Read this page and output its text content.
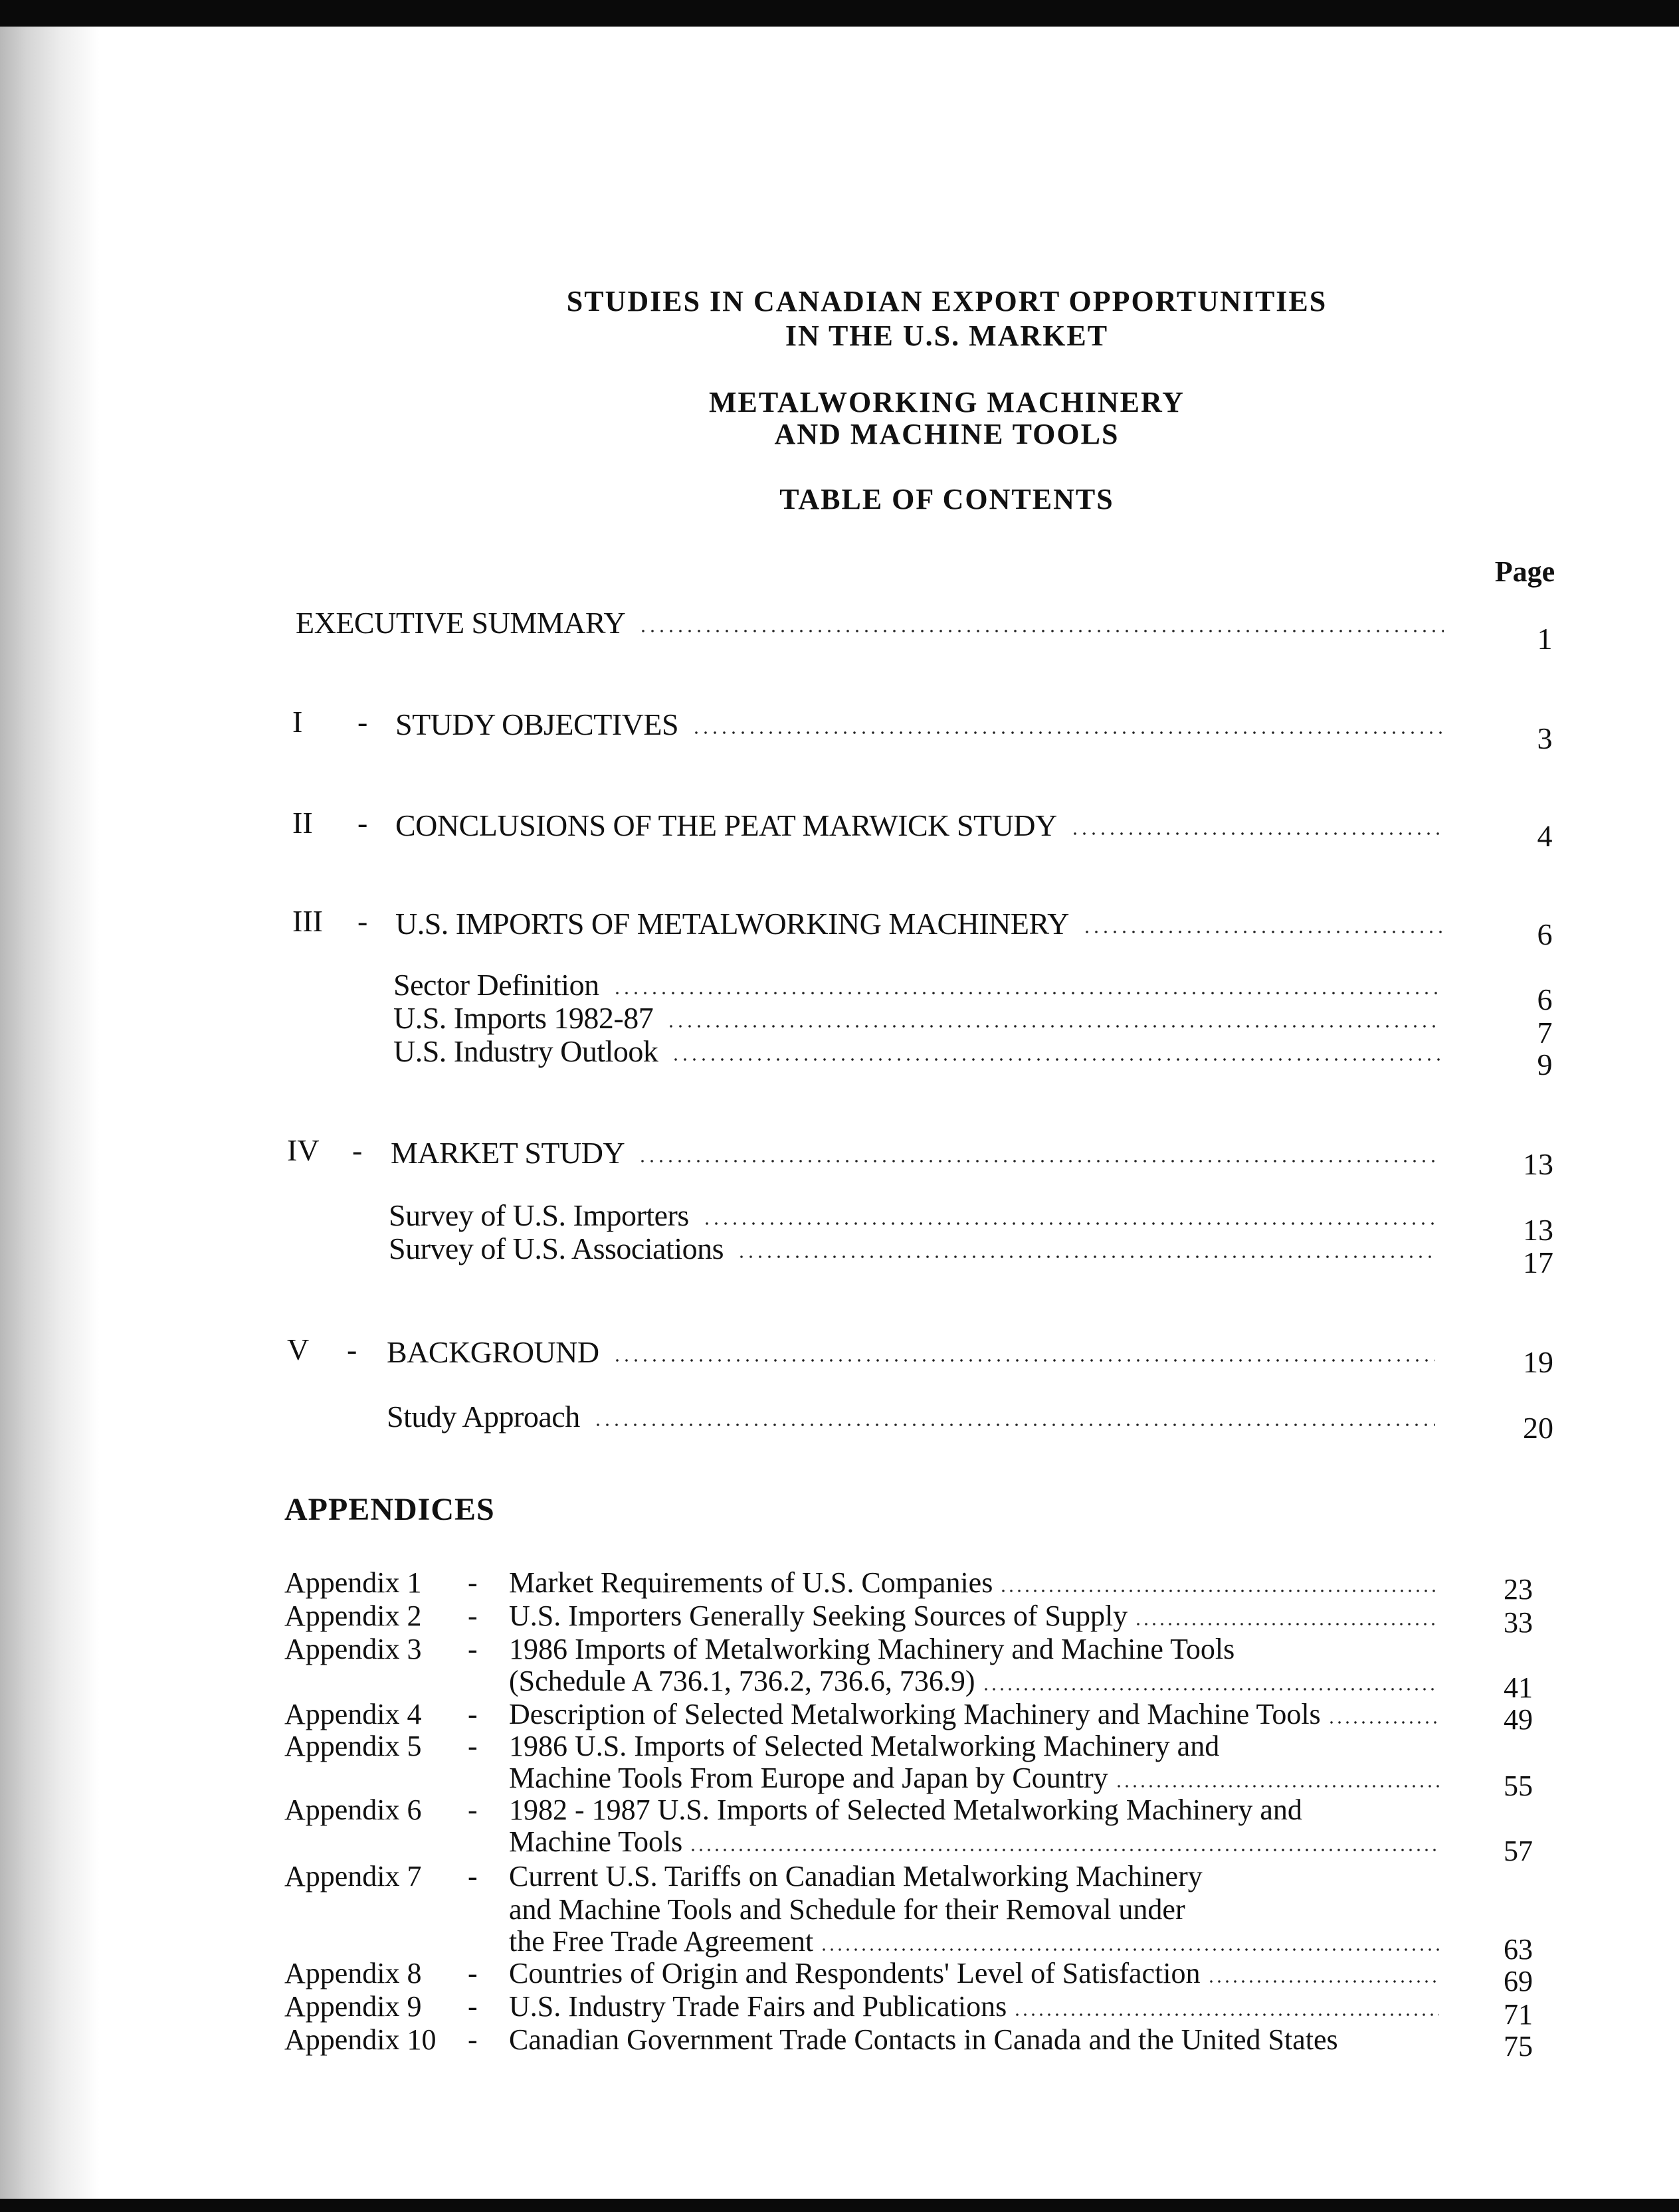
STUDIES IN CANADIAN EXPORT OPPORTUNITIES
IN THE U.S. MARKET
METALWORKING MACHINERY
AND MACHINE TOOLS
TABLE OF CONTENTS
Page
EXECUTIVE SUMMARY	1
I - STUDY OBJECTIVES	3
II - CONCLUSIONS OF THE PEAT MARWICK STUDY	4
III - U.S. IMPORTS OF METALWORKING MACHINERY	6
Sector Definition	6
U.S. Imports 1982-87	7
U.S. Industry Outlook	9
IV - MARKET STUDY	13
Survey of U.S. Importers	13
Survey of U.S. Associations	17
V - BACKGROUND	19
Study Approach	20
APPENDICES
Appendix 1 - Market Requirements of U.S. Companies	23
Appendix 2 - U.S. Importers Generally Seeking Sources of Supply	33
Appendix 3 - 1986 Imports of Metalworking Machinery and Machine Tools
(Schedule A 736.1, 736.2, 736.6, 736.9)	41
Appendix 4 - Description of Selected Metalworking Machinery and Machine Tools	49
Appendix 5 - 1986 U.S. Imports of Selected Metalworking Machinery and
Machine Tools From Europe and Japan by Country	55
Appendix 6 - 1982 - 1987 U.S. Imports of Selected Metalworking Machinery and
Machine Tools	57
Appendix 7 - Current U.S. Tariffs on Canadian Metalworking Machinery
and Machine Tools and Schedule for their Removal under
the Free Trade Agreement	63
Appendix 8 - Countries of Origin and Respondents' Level of Satisfaction	69
Appendix 9 - U.S. Industry Trade Fairs and Publications	71
Appendix 10 - Canadian Government Trade Contacts in Canada and the United States	75
